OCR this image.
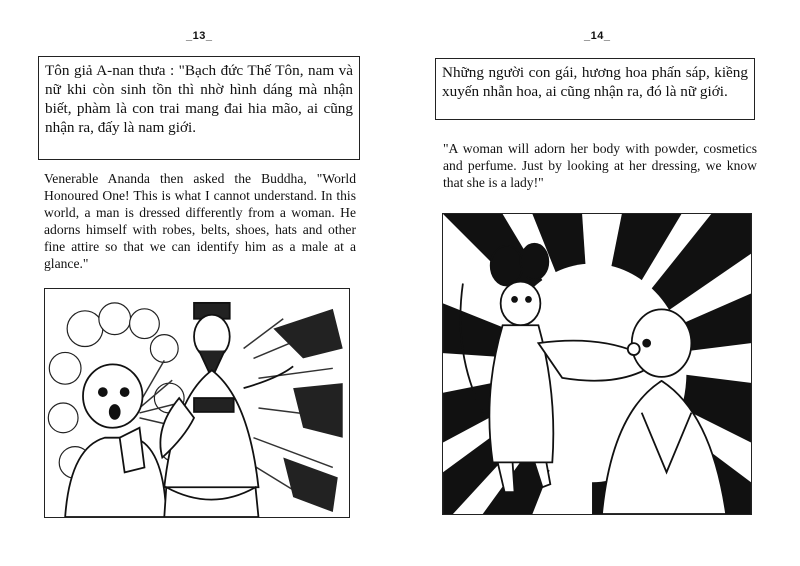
_13_
Tôn giả A-nan thưa : "Bạch đức Thế Tôn, nam và nữ khi còn sinh tồn thì nhờ hình dáng mà nhận biết, phàm là con trai mang đai hia mão, ai cũng nhận ra, đấy là nam giới.
Venerable Ananda then asked the Buddha, "World Honoured One! This is what I cannot understand. In this world, a man is dressed differently from a woman. He adorns himself with robes, belts, shoes, hats and other fine attire so that we can identify him as a male at a glance."
_14_
Những người con gái, hương hoa phấn sáp, kiềng xuyến nhẫn hoa, ai cũng nhận ra, đó là nữ giới.
"A woman will adorn her body with powder, cosmetics and perfume. Just by looking at her dressing, we know that she is a lady!"
